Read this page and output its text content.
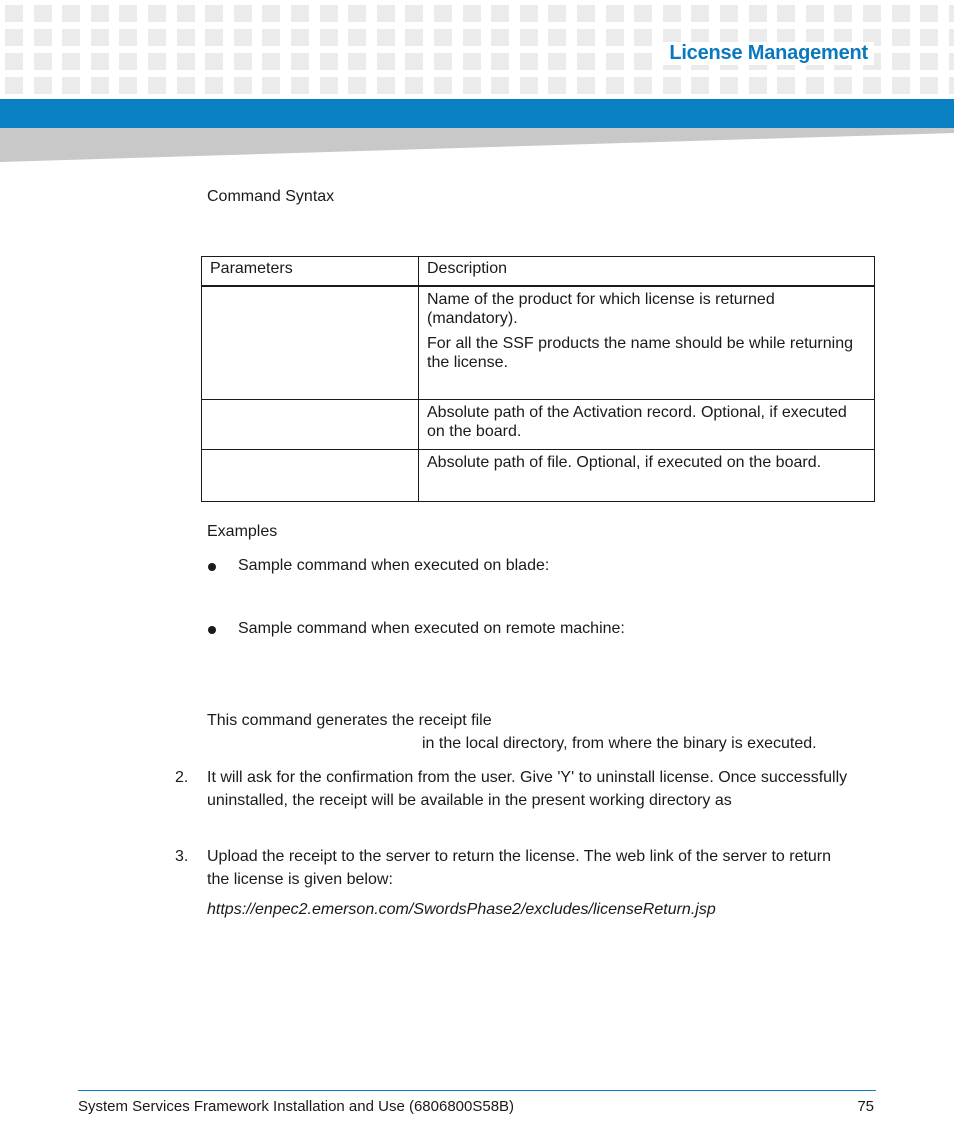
License Management

Command Syntax

Parameters	Description

	Name of the product for which license is returned (mandatory).

For all the SSF products the name should be while returning the license.

	Absolute path of the Activation record. Optional, if executed on the board.

	Absolute path of file. Optional, if executed on the board.

Examples

Sample command when executed on blade:

Sample command when executed on remote machine:

This command generates the receipt file

in the local directory, from where the binary is executed.

2. It will ask for the confirmation from the user. Give 'Y' to uninstall license. Once successfully

uninstalled, the receipt will be available in the present working directory as

3. Upload the receipt to the server to return the license. The web link of the server to return

the license is given below:

https://enpec2.emerson.com/SwordsPhase2/excludes/licenseReturn.jsp

System Services Framework Installation and Use (6806800S58B)	75
